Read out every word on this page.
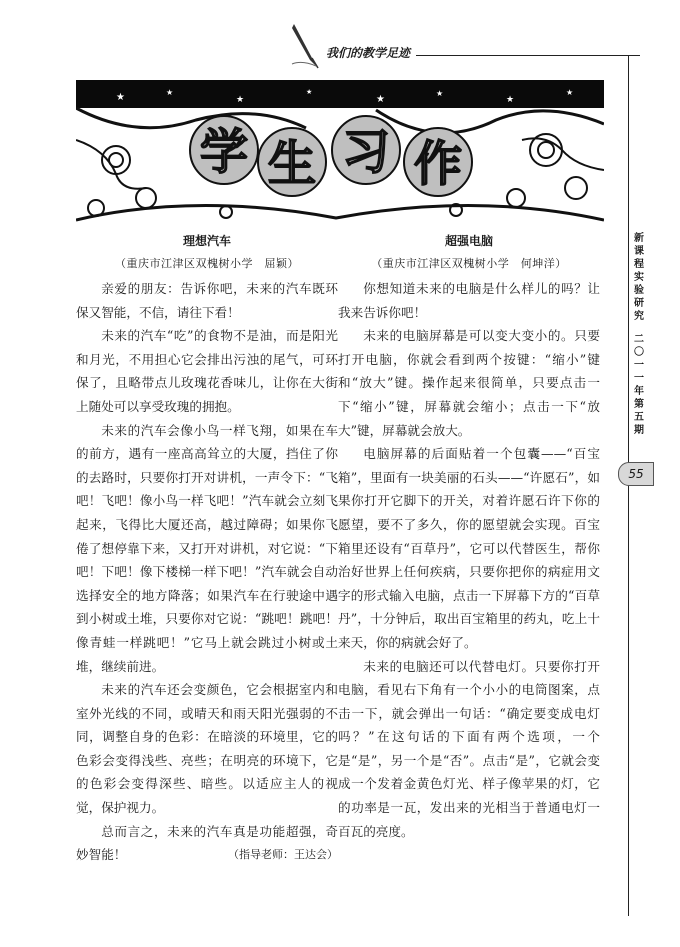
我们的教学足迹
★	★
★
★
★
★
★
★
学 生 习 作
新课程实验研究
二〇一一年第五期
55
理想汽车
（重庆市江津区双槐树小学　屈颖）

亲爱的朋友：告诉你吧，未来的汽车既环保又智能，不信，请往下看！

未来的汽车“吃”的食物不是油，而是阳光和月光，不用担心它会排出污浊的尾气，可环保了，且略带点儿玫瑰花香味儿，让你在大街上随处可以享受玫瑰的拥抱。

未来的汽车会像小鸟一样飞翔，如果在车的前方，遇有一座高高耸立的大厦，挡住了你的去路时，只要你打开对讲机，一声令下：“飞吧！飞吧！像小鸟一样飞吧！”汽车就会立刻飞起来，飞得比大厦还高，越过障碍；如果你飞倦了想停靠下来，又打开对讲机，对它说：“下吧！下吧！像下楼梯一样下吧！”汽车就会自动选择安全的地方降落；如果汽车在行驶途中遇到小树或土堆，只要你对它说：“跳吧！跳吧！像青蛙一样跳吧！”它马上就会跳过小树或土堆，继续前进。

未来的汽车还会变颜色，它会根据室内和室外光线的不同，或晴天和雨天阳光强弱的不同，调整自身的色彩：在暗淡的环境里，它的色彩会变得浅些、亮些；在明亮的环境下，它的色彩会变得深些、暗些。以适应主人的视觉，保护视力。

总而言之，未来的汽车真是功能超强，奇妙智能！	（指导老师：王达会）

超强电脑
（重庆市江津区双槐树小学　何坤洋）

你想知道未来的电脑是什么样儿的吗？让我来告诉你吧！

未来的电脑屏幕是可以变大变小的。只要打开电脑，你就会看到两个按键：“缩小”键和“放大”键。操作起来很简单，只要点击一下“缩小”键，屏幕就会缩小；点击一下“放大”键，屏幕就会放大。

电脑屏幕的后面贴着一个包囊——“百宝箱”，里面有一块美丽的石头——“许愿石”，如果你打开它脚下的开关，对着许愿石许下你的愿望，要不了多久，你的愿望就会实现。百宝箱里还设有“百草丹”，它可以代替医生，帮你治好世界上任何疾病，只要你把你的病症用文字的形式输入电脑，点击一下屏幕下方的“百草丹”，十分钟后，取出百宝箱里的药丸，吃上十来天，你的病就会好了。

未来的电脑还可以代替电灯。只要你打开电脑，看见右下角有一个小小的电筒图案，点击一下，就会弹出一句话：“确定要变成电灯吗？”在这句话的下面有两个选项，一个是“是”，另一个是“否”。点击“是”，它就会变成一个发着金黄色灯光、样子像苹果的灯，它的功率是一瓦，发出来的光相当于普通电灯一百瓦的亮度。
